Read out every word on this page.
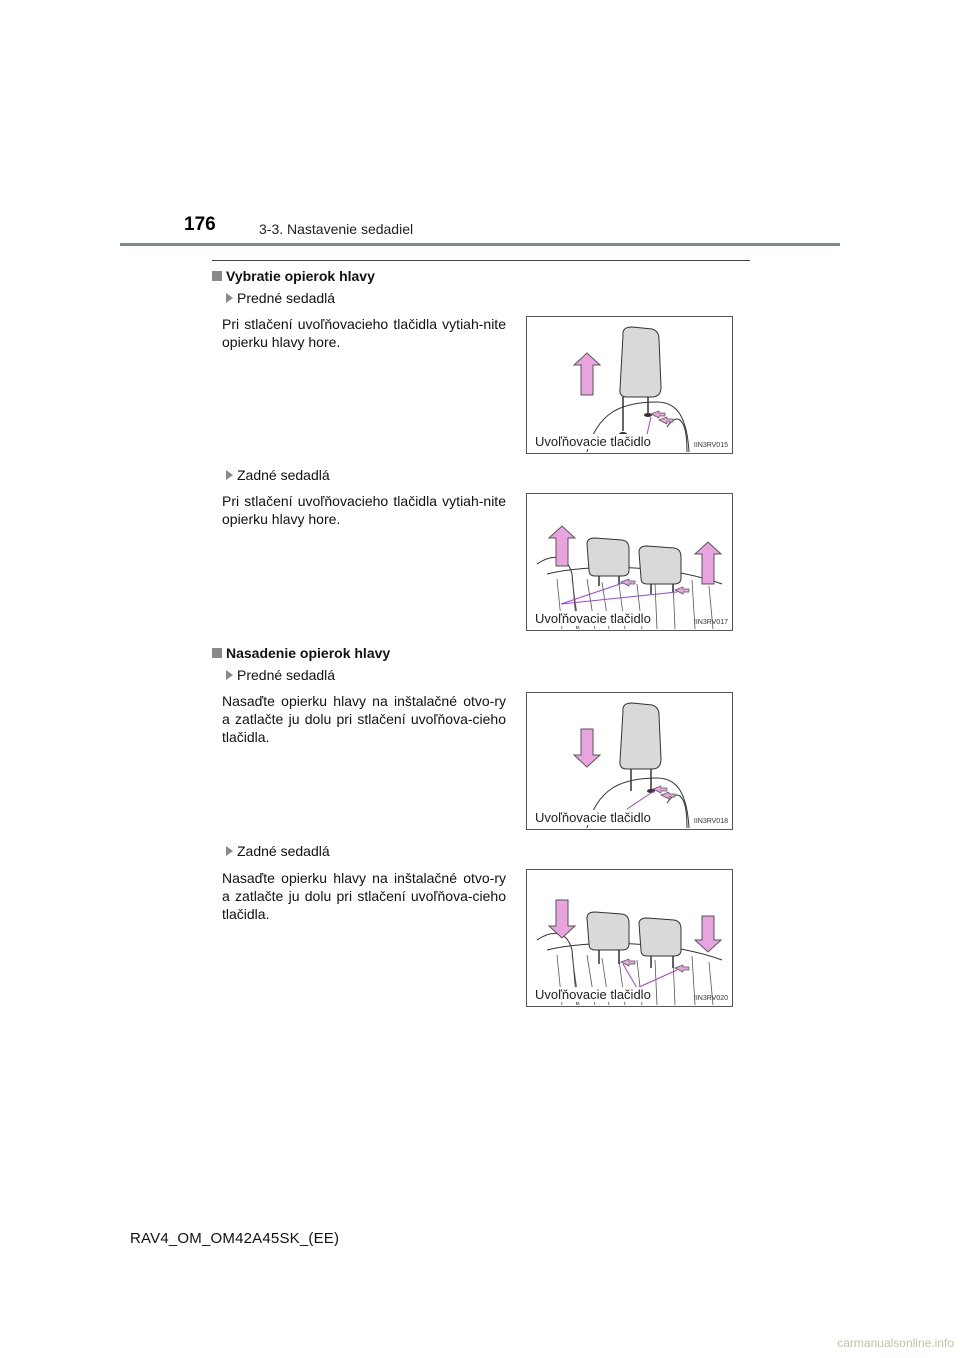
176	3-3. Nastavenie sedadiel
Vybratie opierok hlavy
Predné sedadlá
Pri stlačení uvoľňovacieho tlačidla vytiah-nite opierku hlavy hore.
Uvoľňovacie tlačidlo	IIN3RV015
Zadné sedadlá
Pri stlačení uvoľňovacieho tlačidla vytiah-nite opierku hlavy hore.
Uvoľňovacie tlačidlo	IIN3RV017
Nasadenie opierok hlavy
Predné sedadlá
Nasaďte opierku hlavy na inštalačné otvo-ry a zatlačte ju dolu pri stlačení uvoľňova-cieho tlačidla.
Uvoľňovacie tlačidlo	IIN3RV018
Zadné sedadlá
Nasaďte opierku hlavy na inštalačné otvo-ry a zatlačte ju dolu pri stlačení uvoľňova-cieho tlačidla.
Uvoľňovacie tlačidlo	IIN3RV020
RAV4_OM_OM42A45SK_(EE)
carmanualsonline.info
